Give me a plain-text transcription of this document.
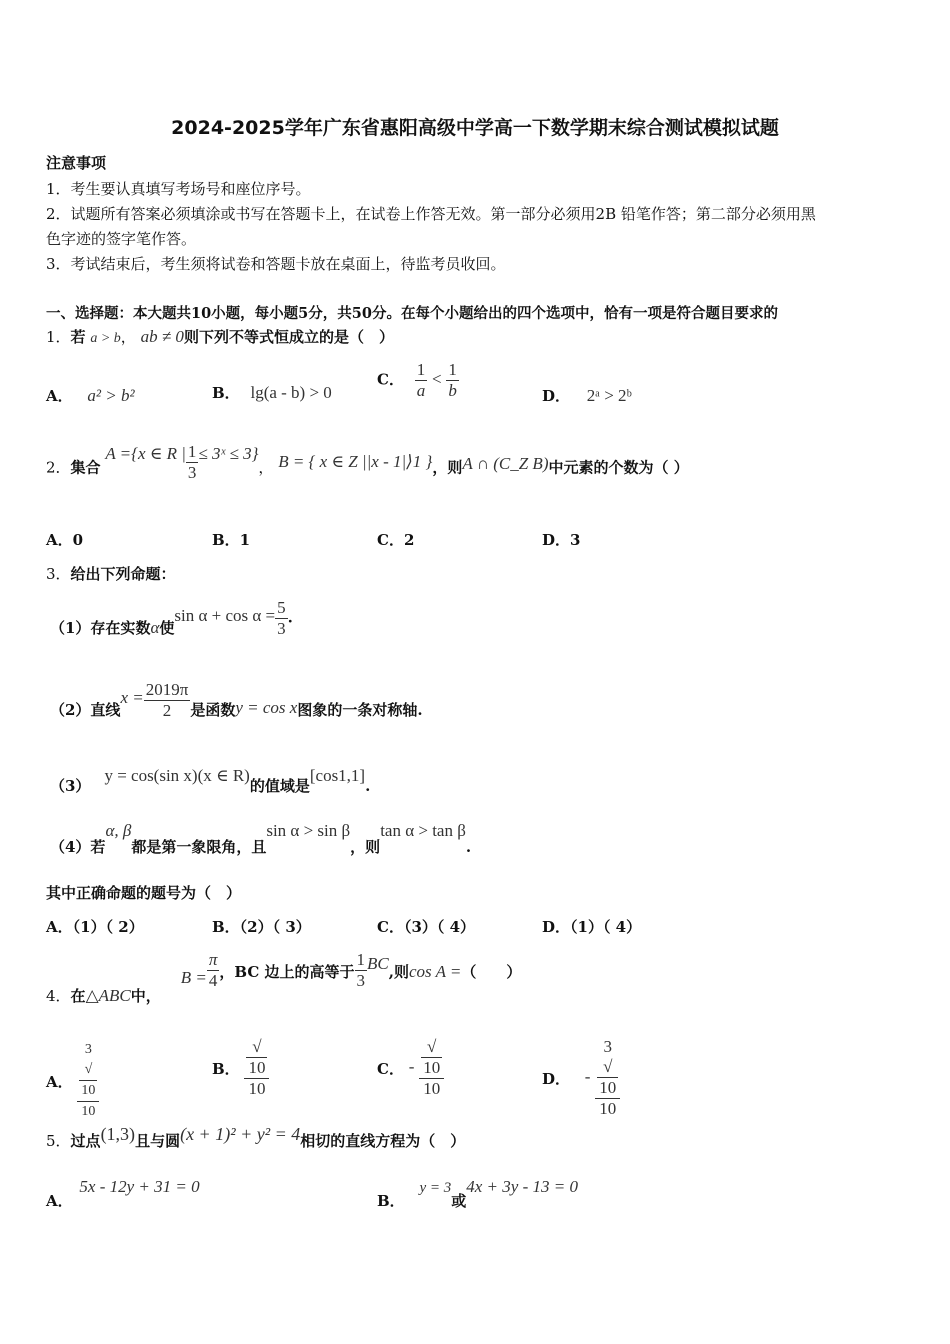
2024-2025学年广东省惠阳高级中学高一下数学期末综合测试模拟试题
注意事项
1．考生要认真填写考场号和座位序号。
2．试题所有答案必须填涂或书写在答题卡上，在试卷上作答无效。第一部分必须用2B 铅笔作答；第二部分必须用黑
色字迹的签字笔作答。
3．考试结束后，考生须将试卷和答题卡放在桌面上，待监考员收回。
一、选择题：本大题共10小题，每小题5分，共50分。在每个小题给出的四个选项中，恰有一项是符合题目要求的
1．若 a > b， ab ≠ 0则下列不等式恒成立的是（　）
A． a² > b²	B． lg(a - b) > 0
C． $\frac{1}{a} < \frac{1}{b}$	D． 2ᵃ > 2ᵇ
2．集合 A ={x ∈ R | $\frac{1}{3}$ ≤ 3ˣ ≤ 3}， B = { x ∈ Z ||x - 1|⟩1 }，则A ∩ (C_Z B)中元素的个数为（ ）
A．0	B．1	C．2	D．3
3．给出下列命题：
（1）存在实数α使$\sin \alpha + \cos \alpha = \frac{5}{3}$ .
（2）直线$x = \frac{2019\pi}{2}$ 是函数y = cos x图象的一条对称轴.
（3）y = cos(sin x)(x ∈ R)的值域是[cos1,1].
（4）若α, β都是第一象限角，且sin α > sin β，则tan α > tan β.
其中正确命题的题号为（　）
A．（1）（ 2）	B．（2）（ 3）	C．（3）（ 4）	D．（1）（ 4）
4．在△ABC中，$B = \frac{\pi}{4}$ ，BC 边上的高等于 $\frac{1}{3}$ BC,则cos A =（　　）
A． 3
√
10
10	B． √
10
10	C． - √
10
10	D． - 3
√
10
10
5．过点(1,3)且与圆(x + 1)² + y² = 4相切的直线方程为（　）
A． 5x - 12y + 31 = 0
B． y = 3或4x + 3y - 13 = 0
